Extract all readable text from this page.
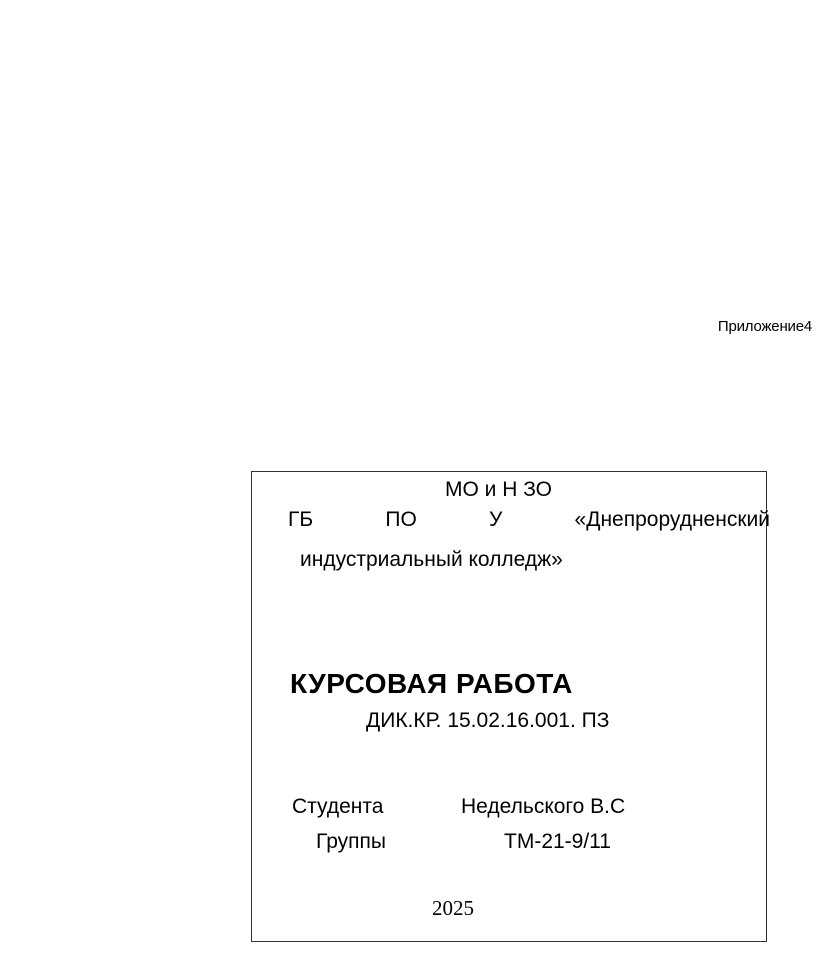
Приложение4
МО и Н ЗО
ГБ	ПО	У	«Днепрорудненский
индустриальный колледж»
КУРСОВАЯ РАБОТА
ДИК.КР. 15.02.16.001. ПЗ
Студента	Недельского В.С
Группы	ТМ-21-9/11
2025
